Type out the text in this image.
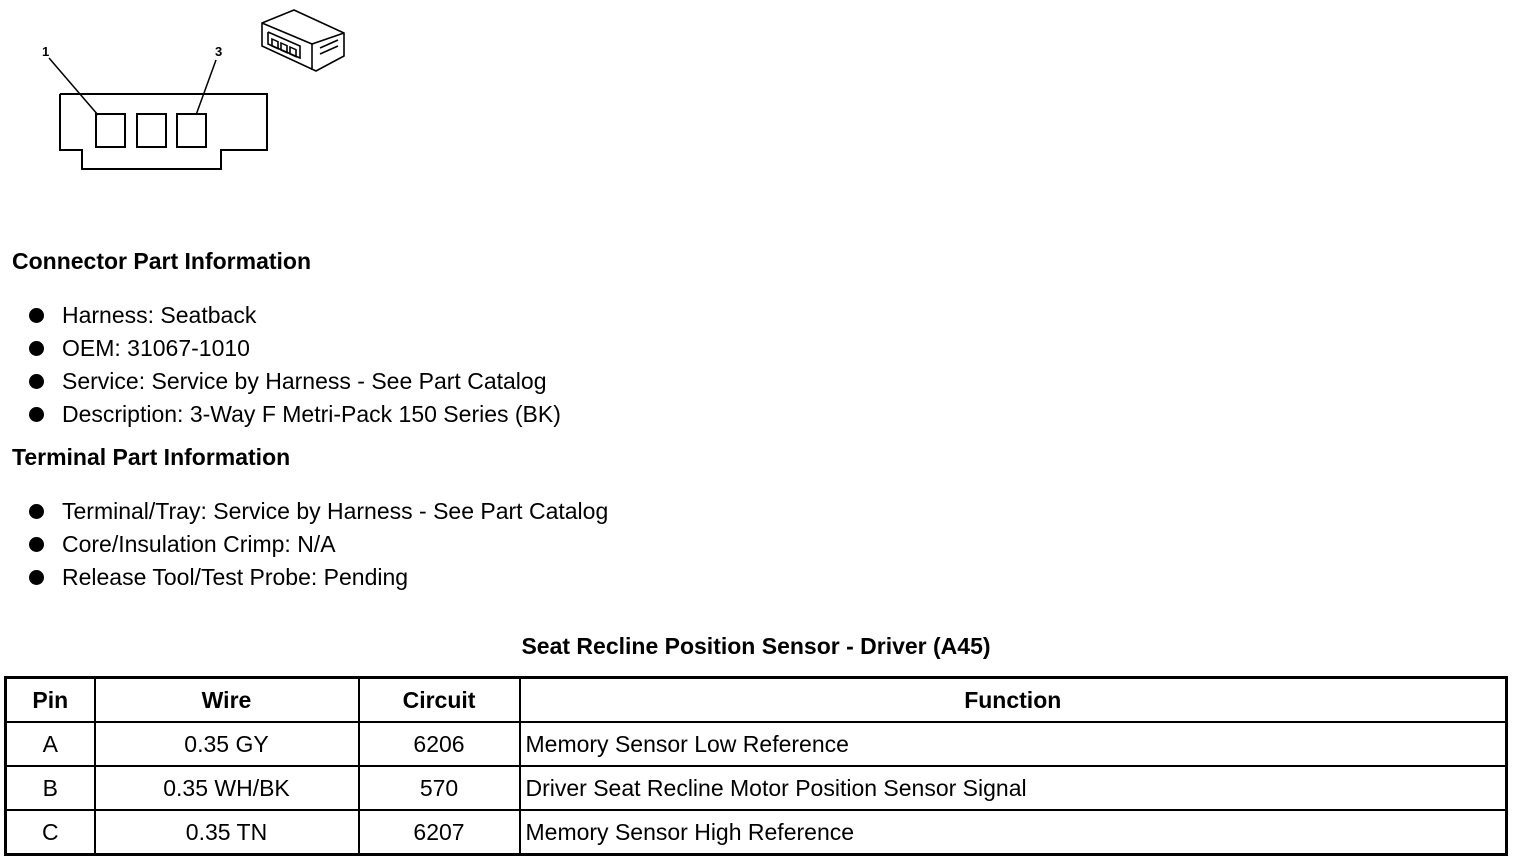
1	3
Connector Part Information
Harness: Seatback
OEM: 31067-1010
Service: Service by Harness - See Part Catalog
Description: 3-Way F Metri-Pack 150 Series (BK)
Terminal Part Information
Terminal/Tray: Service by Harness - See Part Catalog
Core/Insulation Crimp: N/A
Release Tool/Test Probe: Pending
Seat Recline Position Sensor - Driver (A45)
Pin	Wire	Circuit	Function
A	0.35 GY	6206	Memory Sensor Low Reference
B	0.35 WH/BK	570	Driver Seat Recline Motor Position Sensor Signal
C	0.35 TN	6207	Memory Sensor High Reference
